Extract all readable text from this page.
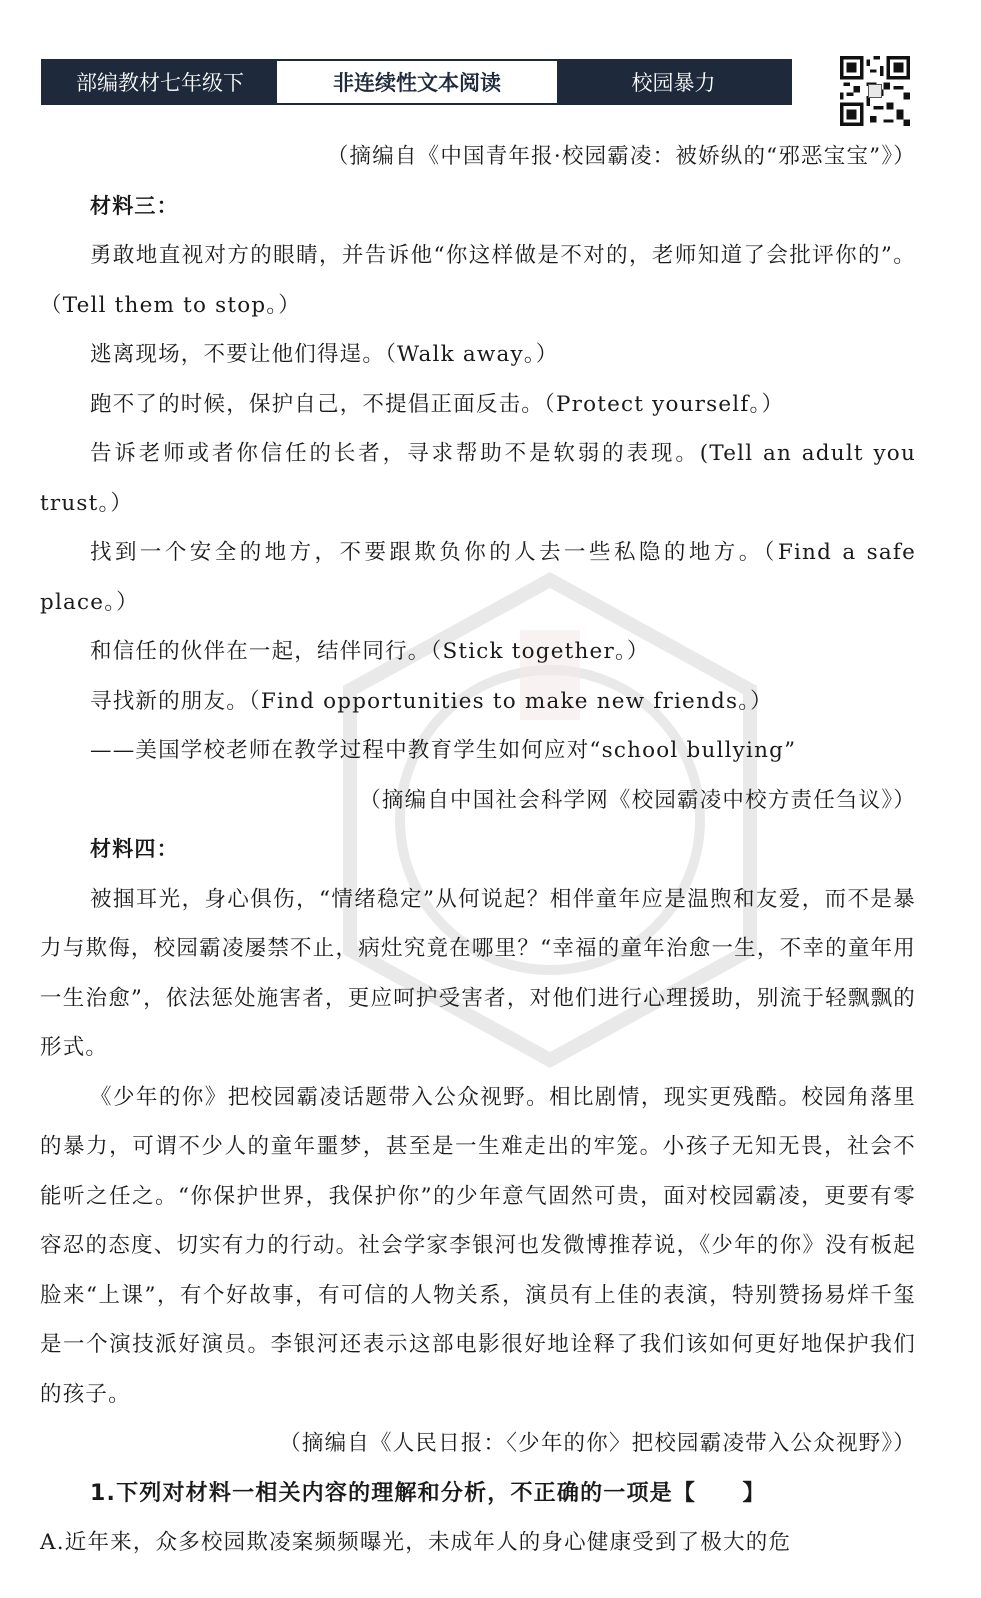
部编教材七年级下	非连续性文本阅读	校园暴力

（摘编自《中国青年报·校园霸凌：被娇纵的“邪恶宝宝”》）

材料三：

勇敢地直视对方的眼睛，并告诉他“你这样做是不对的，老师知道了会批评你的”。（Tell them to stop。）

逃离现场，不要让他们得逞。（Walk away。）

跑不了的时候，保护自己，不提倡正面反击。（Protect yourself。）

告诉老师或者你信任的长者，寻求帮助不是软弱的表现。(Tell an adult you trust。）

找到一个安全的地方，不要跟欺负你的人去一些私隐的地方。（Find a safe place。）

和信任的伙伴在一起，结伴同行。（Stick together。）

寻找新的朋友。（Find opportunities to make new friends。）

——美国学校老师在教学过程中教育学生如何应对“school bullying”

（摘编自中国社会科学网《校园霸凌中校方责任刍议》）

材料四：

被掴耳光，身心俱伤，“情绪稳定”从何说起？相伴童年应是温煦和友爱，而不是暴力与欺侮，校园霸凌屡禁不止，病灶究竟在哪里？“幸福的童年治愈一生，不幸的童年用一生治愈”，依法惩处施害者，更应呵护受害者，对他们进行心理援助，别流于轻飘飘的形式。

《少年的你》把校园霸凌话题带入公众视野。相比剧情，现实更残酷。校园角落里的暴力，可谓不少人的童年噩梦，甚至是一生难走出的牢笼。小孩子无知无畏，社会不能听之任之。“你保护世界，我保护你”的少年意气固然可贵，面对校园霸凌，更要有零容忍的态度、切实有力的行动。社会学家李银河也发微博推荐说，《少年的你》没有板起脸来“上课”，有个好故事，有可信的人物关系，演员有上佳的表演，特别赞扬易烊千玺是一个演技派好演员。李银河还表示这部电影很好地诠释了我们该如何更好地保护我们的孩子。

（摘编自《人民日报：〈少年的你〉把校园霸凌带入公众视野》）

1.下列对材料一相关内容的理解和分析，不正确的一项是【　　】

A.近年来，众多校园欺凌案频频曝光，未成年人的身心健康受到了极大的危
